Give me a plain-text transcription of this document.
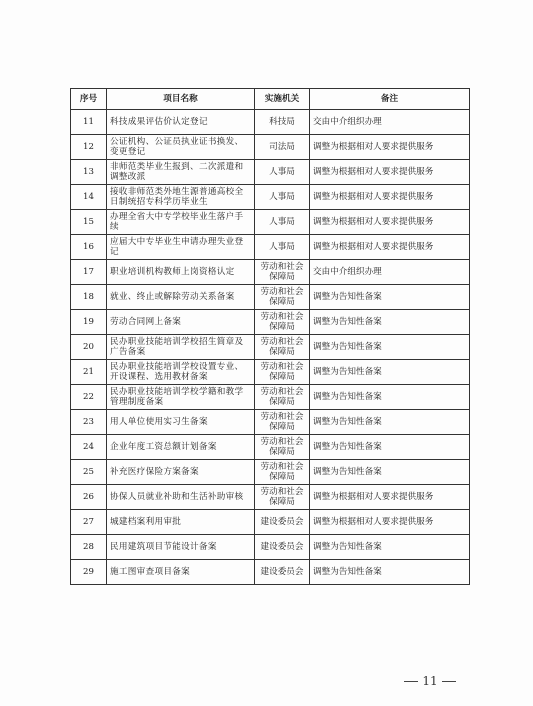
序号	项目名称	实施机关	备注
11	科技成果评估价认定登记	科技局	交由中介组织办理
12	公证机构、公证员执业证书换发、变更登记	司法局	调整为根据相对人要求提供服务
13	非师范类毕业生报到、二次派遣和调整改派	人事局	调整为根据相对人要求提供服务
14	接收非师范类外地生源普通高校全日制统招专科学历毕业生	人事局	调整为根据相对人要求提供服务
15	办理全省大中专学校毕业生落户手续	人事局	调整为根据相对人要求提供服务
16	应届大中专毕业生申请办理失业登记	人事局	调整为根据相对人要求提供服务
17	职业培训机构教师上岗资格认定	劳动和社会保障局	交由中介组织办理
18	就业、终止或解除劳动关系备案	劳动和社会保障局	调整为告知性备案
19	劳动合同网上备案	劳动和社会保障局	调整为告知性备案
20	民办职业技能培训学校招生简章及广告备案	劳动和社会保障局	调整为告知性备案
21	民办职业技能培训学校设置专业、开设课程、选用教材备案	劳动和社会保障局	调整为告知性备案
22	民办职业技能培训学校学籍和教学管理制度备案	劳动和社会保障局	调整为告知性备案
23	用人单位使用实习生备案	劳动和社会保障局	调整为告知性备案
24	企业年度工资总额计划备案	劳动和社会保障局	调整为告知性备案
25	补充医疗保险方案备案	劳动和社会保障局	调整为告知性备案
26	协保人员就业补助和生活补助审核	劳动和社会保障局	调整为根据相对人要求提供服务
27	城建档案利用审批	建设委员会	调整为根据相对人要求提供服务
28	民用建筑项目节能设计备案	建设委员会	调整为告知性备案
29	施工图审查项目备案	建设委员会	调整为告知性备案
11
